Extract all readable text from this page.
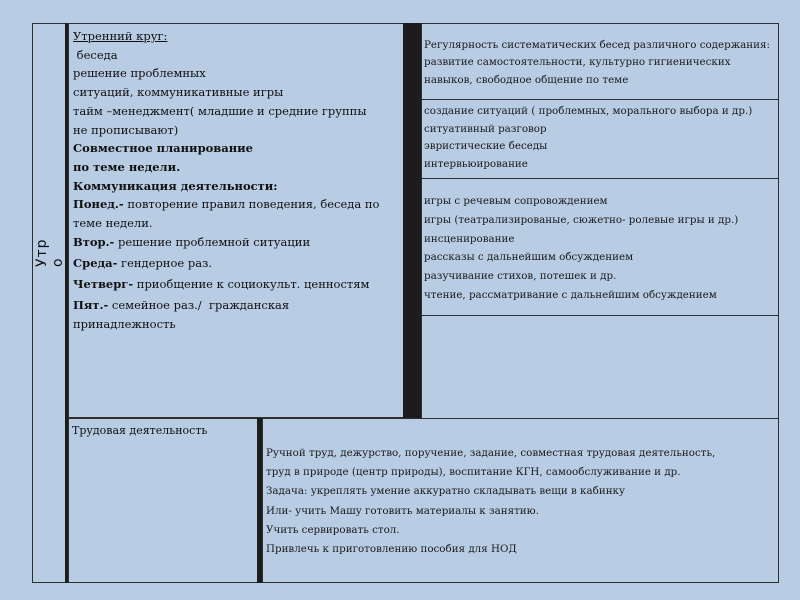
Утр
о
Утренний круг:
беседа
решение проблемных
ситуаций, коммуникативные игры
тайм –менеджмент( младшие и средние группы
не прописывают)
Совместное планирование
по теме недели.
Коммуникация деятельности:
Понед.- повторение правил поведения, беседа по
теме недели.
Втор.- решение проблемной ситуации
Среда- гендерное раз.
Четверг- приобщение к социокульт. ценностям
Пят.- семейное раз./  гражданская
принадлежность
Регулярность систематических бесед различного содержания:
развитие самостоятельности, культурно гигиенических
навыков, свободное общение по теме
создание ситуаций ( проблемных, морального выбора и др.)
ситуативный разговор
эвристические беседы
интервьюирование
игры с речевым сопровождением
игры (театрализированые, сюжетно- ролевые игры и др.)
инсценирование
рассказы с дальнейшим обсуждением
разучивание стихов, потешек и др.
чтение, рассматривание с дальнейшим обсуждением
Трудовая деятельность
Ручной труд, дежурство, поручение, задание, совместная трудовая деятельность,
труд в природе (центр природы), воспитание КГН, самообслуживание и др.
Задача: укреплять умение аккуратно складывать вещи в кабинку
Или- учить Машу готовить материалы к занятию.
Учить сервировать стол.
Привлечь к приготовлению пособия для НОД
